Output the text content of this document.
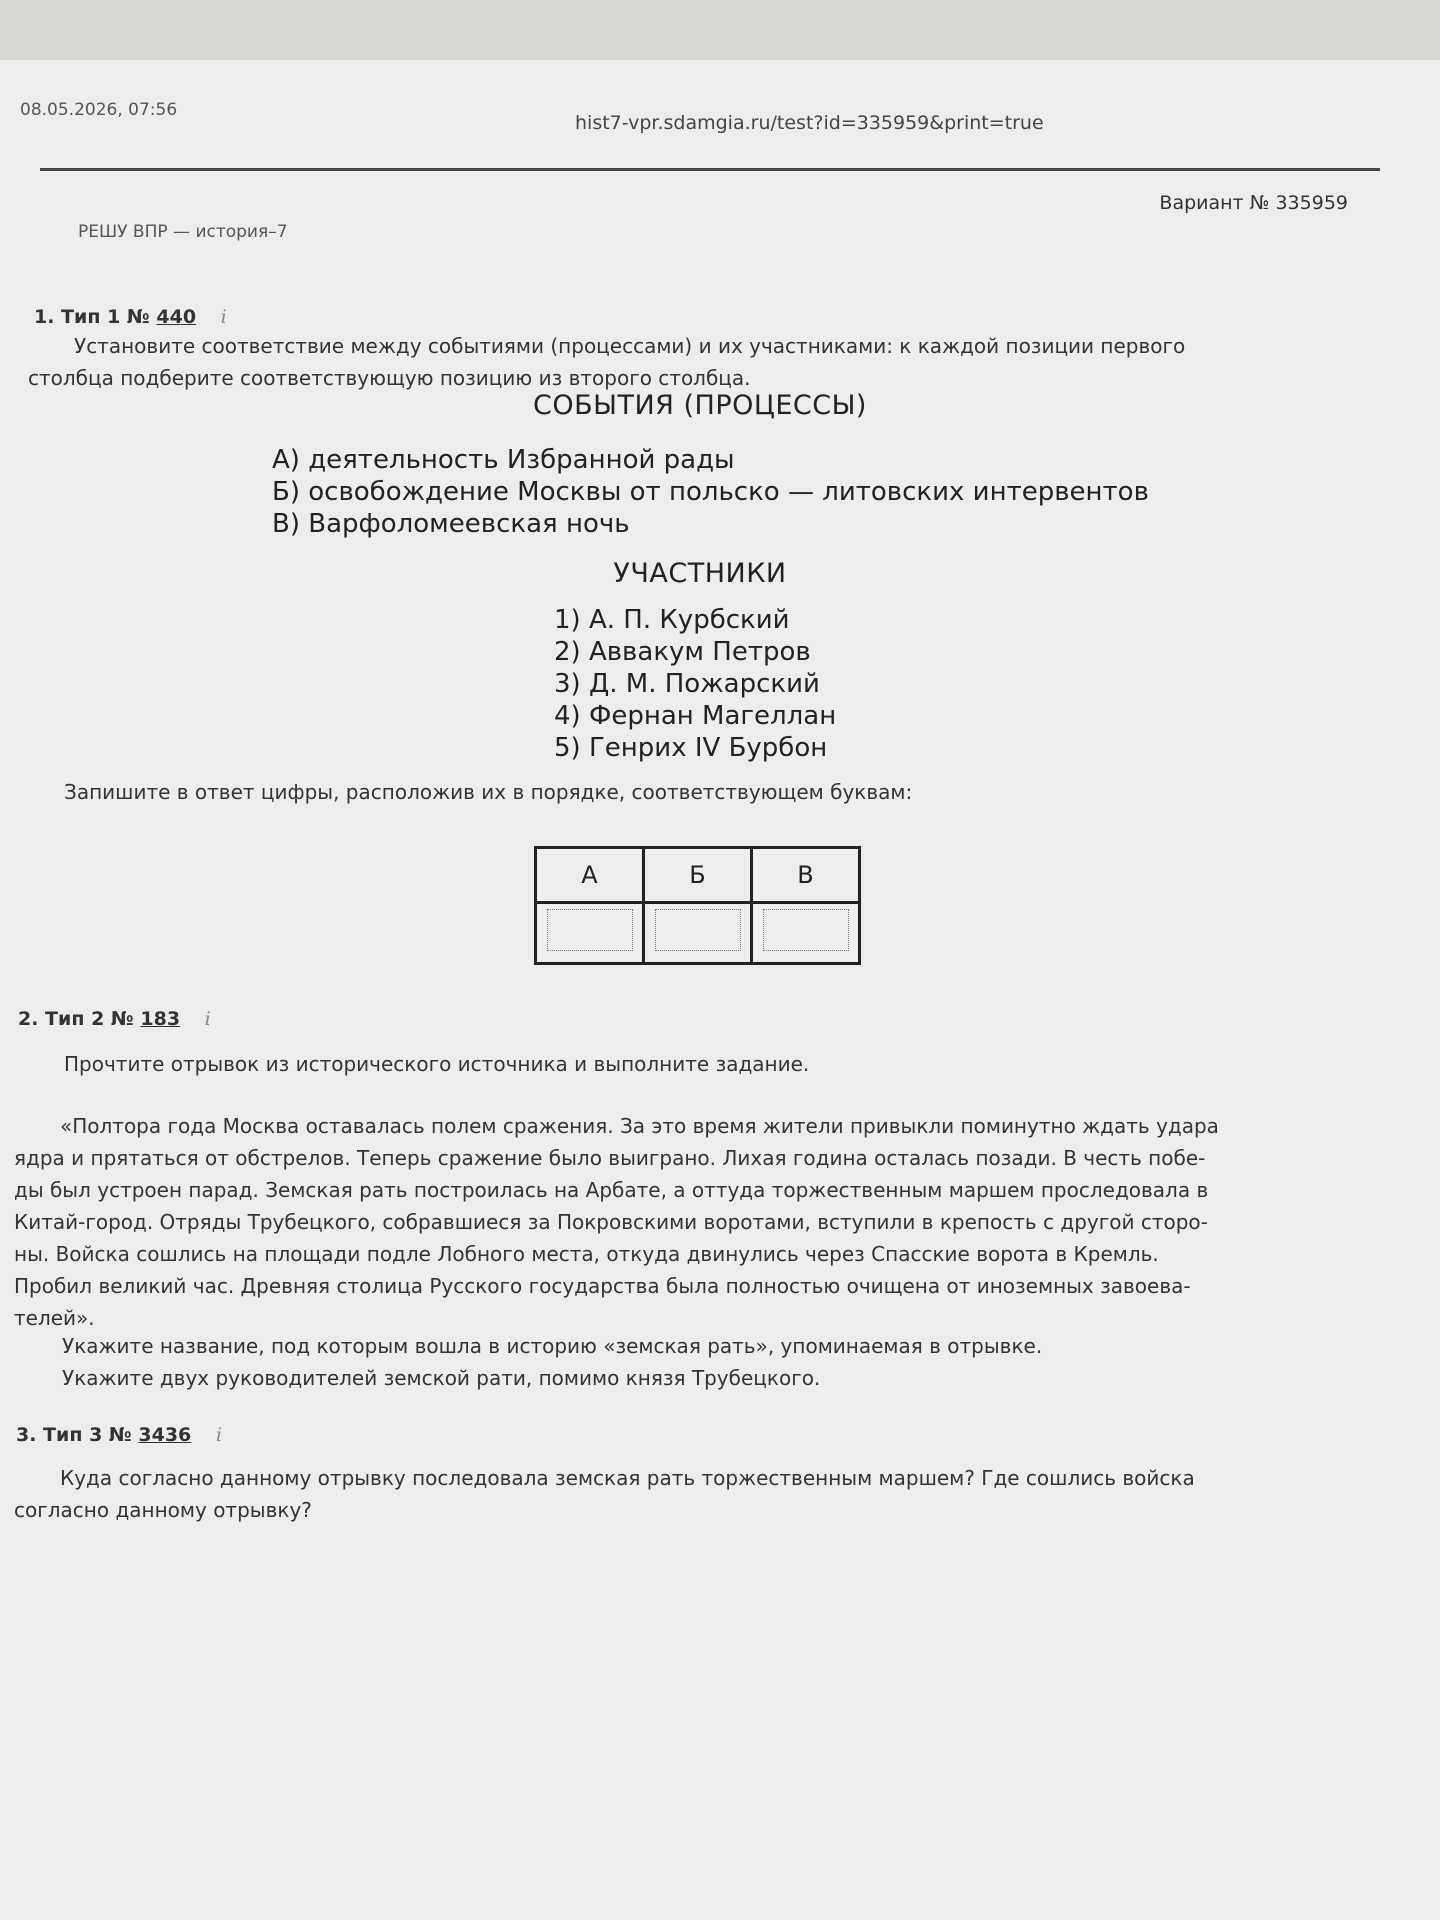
08.05.2026, 07:56
hist7-vpr.sdamgia.ru/test?id=335959&print=true
РЕШУ ВПР — история–7
Вариант № 335959
1. Тип 1 № 440 i
Установите соответствие между событиями (процессами) и их участниками: к каждой позиции первого
столбца подберите соответствующую позицию из второго столбца.
СОБЫТИЯ (ПРОЦЕССЫ)
А) деятельность Избранной рады
Б) освобождение Москвы от польско — литовских интервентов
В) Варфоломеевская ночь
УЧАСТНИКИ
1) А. П. Курбский
2) Аввакум Петров
3) Д. М. Пожарский
4) Фернан Магеллан
5) Генрих IV Бурбон
Запишите в ответ цифры, расположив их в порядке, соответствующем буквам:
А	Б	В

2. Тип 2 № 183 i
Прочтите отрывок из исторического источника и выполните задание.
«Полтора года Москва оставалась полем сражения. За это время жители привыкли поминутно ждать удара
ядра и прятаться от обстрелов. Теперь сражение было выиграно. Лихая година осталась позади. В честь побе-
ды был устроен парад. Земская рать построилась на Арбате, а оттуда торжественным маршем проследовала в
Китай-город. Отряды Трубецкого, собравшиеся за Покровскими воротами, вступили в крепость с другой сторо-
ны. Войска сошлись на площади подле Лобного места, откуда двинулись через Спасские ворота в Кремль.
Пробил великий час. Древняя столица Русского государства была полностью очищена от иноземных завоева-
телей».
Укажите название, под которым вошла в историю «земская рать», упоминаемая в отрывке.
Укажите двух руководителей земской рати, помимо князя Трубецкого.
3. Тип 3 № 3436 i
Куда согласно данному отрывку последовала земская рать торжественным маршем? Где сошлись войска
согласно данному отрывку?
